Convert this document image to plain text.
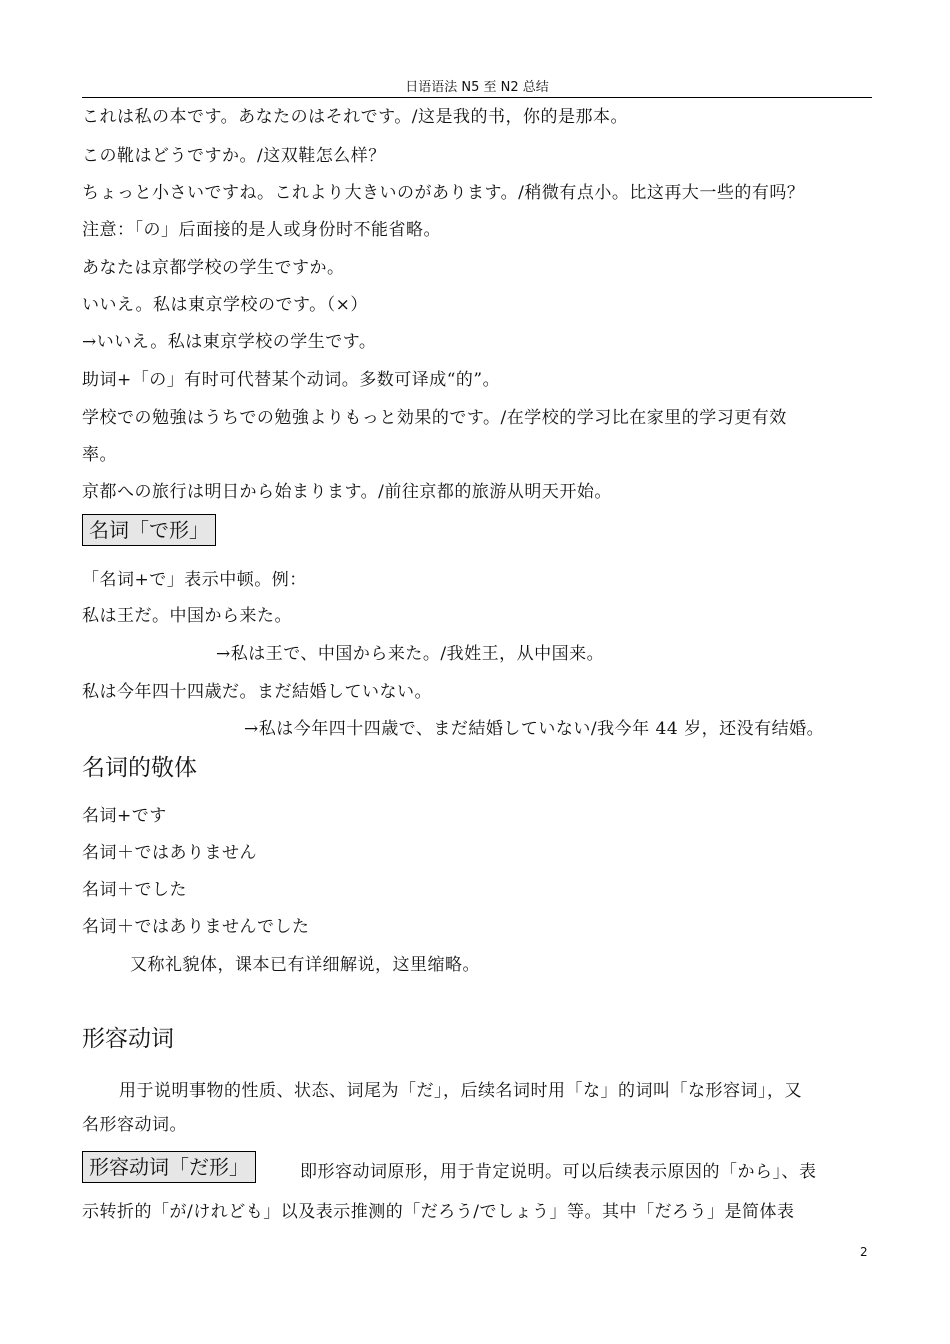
日语语法 N5 至 N2 总结
これは私の本です。あなたのはそれです。/这是我的书，你的是那本。
この靴はどうですか。/这双鞋怎么样？
ちょっと小さいですね。これより大きいのがあります。/稍微有点小。比这再大一些的有吗？
注意：「の」后面接的是人或身份时不能省略。
あなたは京都学校の学生ですか。
いいえ。私は東京学校のです。（×）
→いいえ。私は東京学校の学生です。
助词+「の」有时可代替某个动词。多数可译成“的”。
学校での勉強はうちでの勉強よりもっと効果的です。/在学校的学习比在家里的学习更有效
率。
京都への旅行は明日から始まります。/前往京都的旅游从明天开始。
名词「で形」
「名词+で」表示中顿。例：
私は王だ。中国から来た。
→私は王で、中国から来た。/我姓王，从中国来。
私は今年四十四歳だ。まだ結婚していない。
→私は今年四十四歳で、まだ結婚していない/我今年 44 岁，还没有结婚。
名词的敬体
名词+です
名词＋ではありません
名词＋でした
名词＋ではありませんでした
又称礼貌体，课本已有详细解说，这里缩略。
形容动词
用于说明事物的性质、状态、词尾为「だ」，后续名词时用「な」的词叫「な形容词」，又
名形容动词。
形容动词「だ形」	即形容动词原形，用于肯定说明。可以后续表示原因的「から」、表
示转折的「が/けれども」以及表示推测的「だろう/でしょう」等。其中「だろう」是简体表
2
